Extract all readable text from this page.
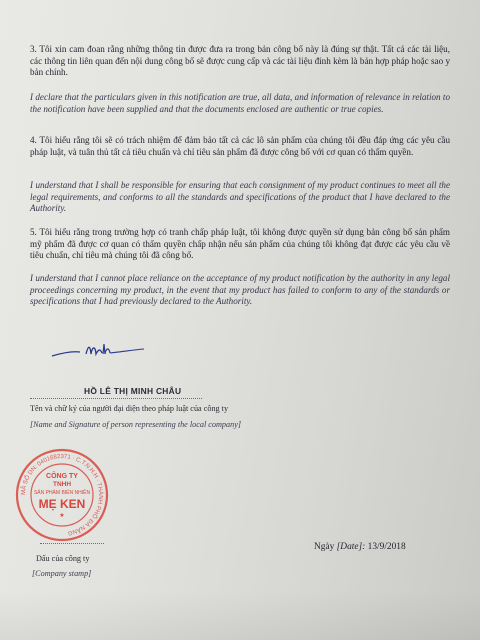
3. Tôi xin cam đoan rằng những thông tin được đưa ra trong bản công bố này là đúng sự thật. Tất cả các tài liệu, các thông tin liên quan đến nội dung công bố sẽ được cung cấp và các tài liệu đính kèm là bản hợp pháp hoặc sao y bản chính.

I declare that the particulars given in this notification are true, all data, and information of relevance in relation to the notification have been supplied and that the documents enclosed are authentic or true copies.

4. Tôi hiểu rằng tôi sẽ có trách nhiệm để đảm bảo tất cả các lô sản phẩm của chúng tôi đều đáp ứng các yêu cầu pháp luật, và tuân thủ tất cả tiêu chuẩn và chỉ tiêu sản phẩm đã được công bố với cơ quan có thẩm quyền.

I understand that I shall be responsible for ensuring that each consignment of my product continues to meet all the legal requirements, and conforms to all the standards and specifications of the product that I have declared to the Authority.

5. Tôi hiểu rằng trong trường hợp có tranh chấp pháp luật, tôi không được quyền sử dụng bản công bố sản phẩm mỹ phẩm đã được cơ quan có thẩm quyền chấp nhận nếu sản phẩm của chúng tôi không đạt được các yêu cầu về tiêu chuẩn, chỉ tiêu mà chúng tôi đã công bố.

I understand that I cannot place reliance on the acceptance of my product notification by the authority in any legal proceedings concerning my product, in the event that my product has failed to conform to any of the standards or specifications that I had previously declared to the Authority.

HỒ LÊ THỊ MINH CHÂU
Tên và chữ ký của người đại diện theo pháp luật của công ty
[Name and Signature of person representing the local company]
MÃ SỐ DN: 0401682371 · C.T.N.H.H · THÀNH PHỐ ĐÀ NẴNG
CÔNG TY
TNHH
SẢN PHẨM BIỂN NHIÊN
MẸ KEN
★
Dấu của công ty
[Company stamp]
Ngày [Date]: 13/9/2018
